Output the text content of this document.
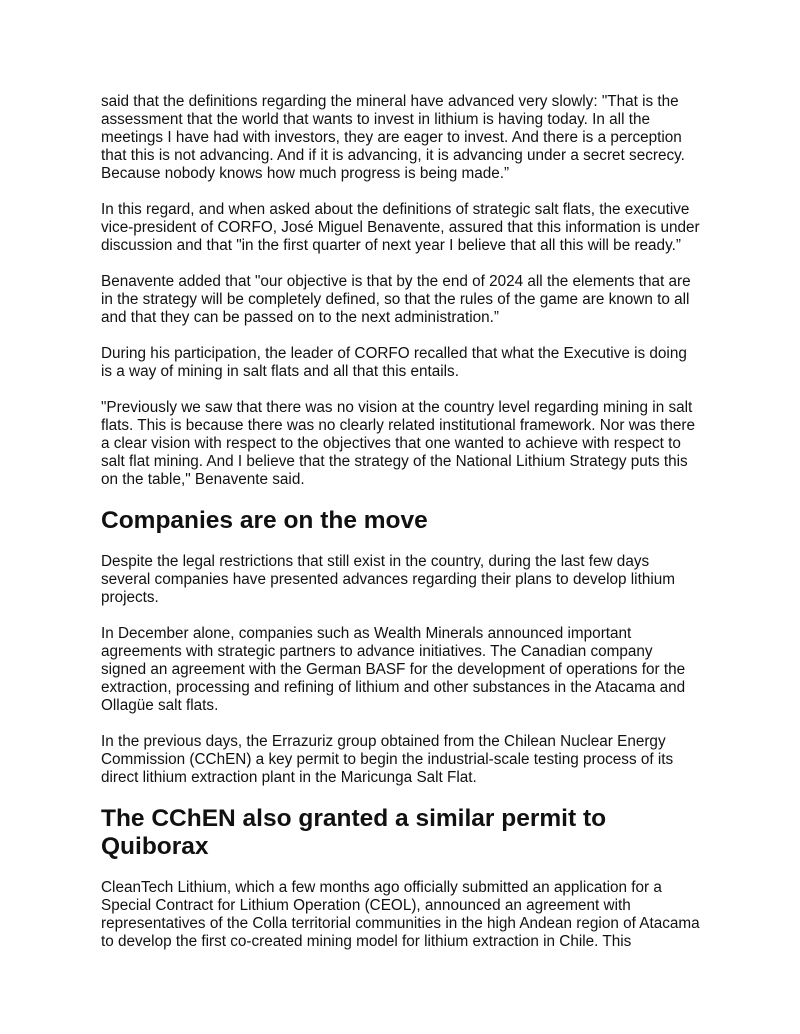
said that the definitions regarding the mineral have advanced very slowly: "That is the assessment that the world that wants to invest in lithium is having today. In all the meetings I have had with investors, they are eager to invest. And there is a perception that this is not advancing. And if it is advancing, it is advancing under a secret secrecy. Because nobody knows how much progress is being made.”

In this regard, and when asked about the definitions of strategic salt flats, the executive vice-president of CORFO, José Miguel Benavente, assured that this information is under discussion and that "in the first quarter of next year I believe that all this will be ready.”

Benavente added that "our objective is that by the end of 2024 all the elements that are in the strategy will be completely defined, so that the rules of the game are known to all and that they can be passed on to the next administration.”

During his participation, the leader of CORFO recalled that what the Executive is doing is a way of mining in salt flats and all that this entails.

"Previously we saw that there was no vision at the country level regarding mining in salt flats. This is because there was no clearly related institutional framework. Nor was there a clear vision with respect to the objectives that one wanted to achieve with respect to salt flat mining. And I believe that the strategy of the National Lithium Strategy puts this on the table," Benavente said.

Companies are on the move

Despite the legal restrictions that still exist in the country, during the last few days several companies have presented advances regarding their plans to develop lithium projects.

In December alone, companies such as Wealth Minerals announced important agreements with strategic partners to advance initiatives. The Canadian company signed an agreement with the German BASF for the development of operations for the extraction, processing and refining of lithium and other substances in the Atacama and Ollagüe salt flats.

In the previous days, the Errazuriz group obtained from the Chilean Nuclear Energy Commission (CChEN) a key permit to begin the industrial-scale testing process of its direct lithium extraction plant in the Maricunga Salt Flat.

The CChEN also granted a similar permit to Quiborax

CleanTech Lithium, which a few months ago officially submitted an application for a Special Contract for Lithium Operation (CEOL), announced an agreement with representatives of the Colla territorial communities in the high Andean region of Atacama to develop the first co-created mining model for lithium extraction in Chile. This
